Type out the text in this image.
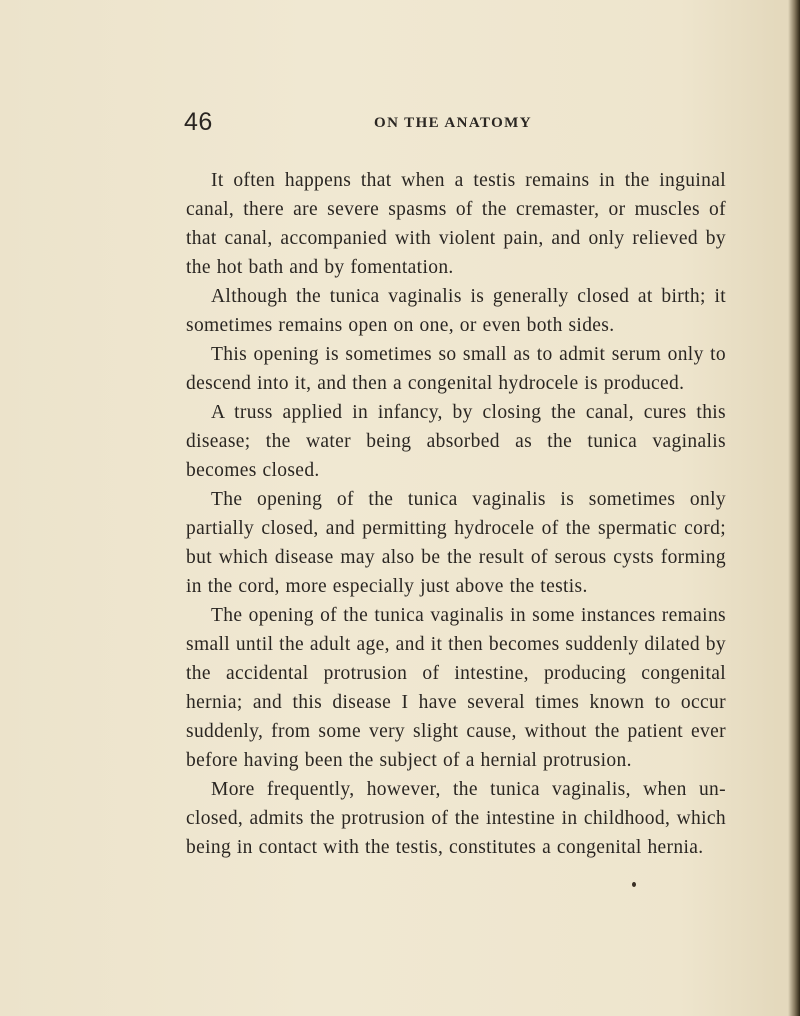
46	ON THE ANATOMY

It often happens that when a testis remains in the inguinal canal, there are severe spasms of the cremaster, or muscles of that canal, accompanied with violent pain, and only relieved by the hot bath and by fomentation.

Although the tunica vaginalis is generally closed at birth; it sometimes remains open on one, or even both sides.

This opening is sometimes so small as to admit serum only to descend into it, and then a congenital hydrocele is produced.

A truss applied in infancy, by closing the canal, cures this disease; the water being absorbed as the tunica vaginalis becomes closed.

The opening of the tunica vaginalis is sometimes only partially closed, and permitting hydrocele of the spermatic cord; but which disease may also be the result of serous cysts forming in the cord, more especially just above the testis.

The opening of the tunica vaginalis in some instances remains small until the adult age, and it then becomes suddenly dilated by the accidental protrusion of intestine, producing congenital hernia; and this disease I have several times known to occur suddenly, from some very slight cause, without the patient ever before having been the subject of a hernial protrusion.

More frequently, however, the tunica vaginalis, when un-closed, admits the protrusion of the intestine in childhood, which being in contact with the testis, constitutes a congenital hernia.
